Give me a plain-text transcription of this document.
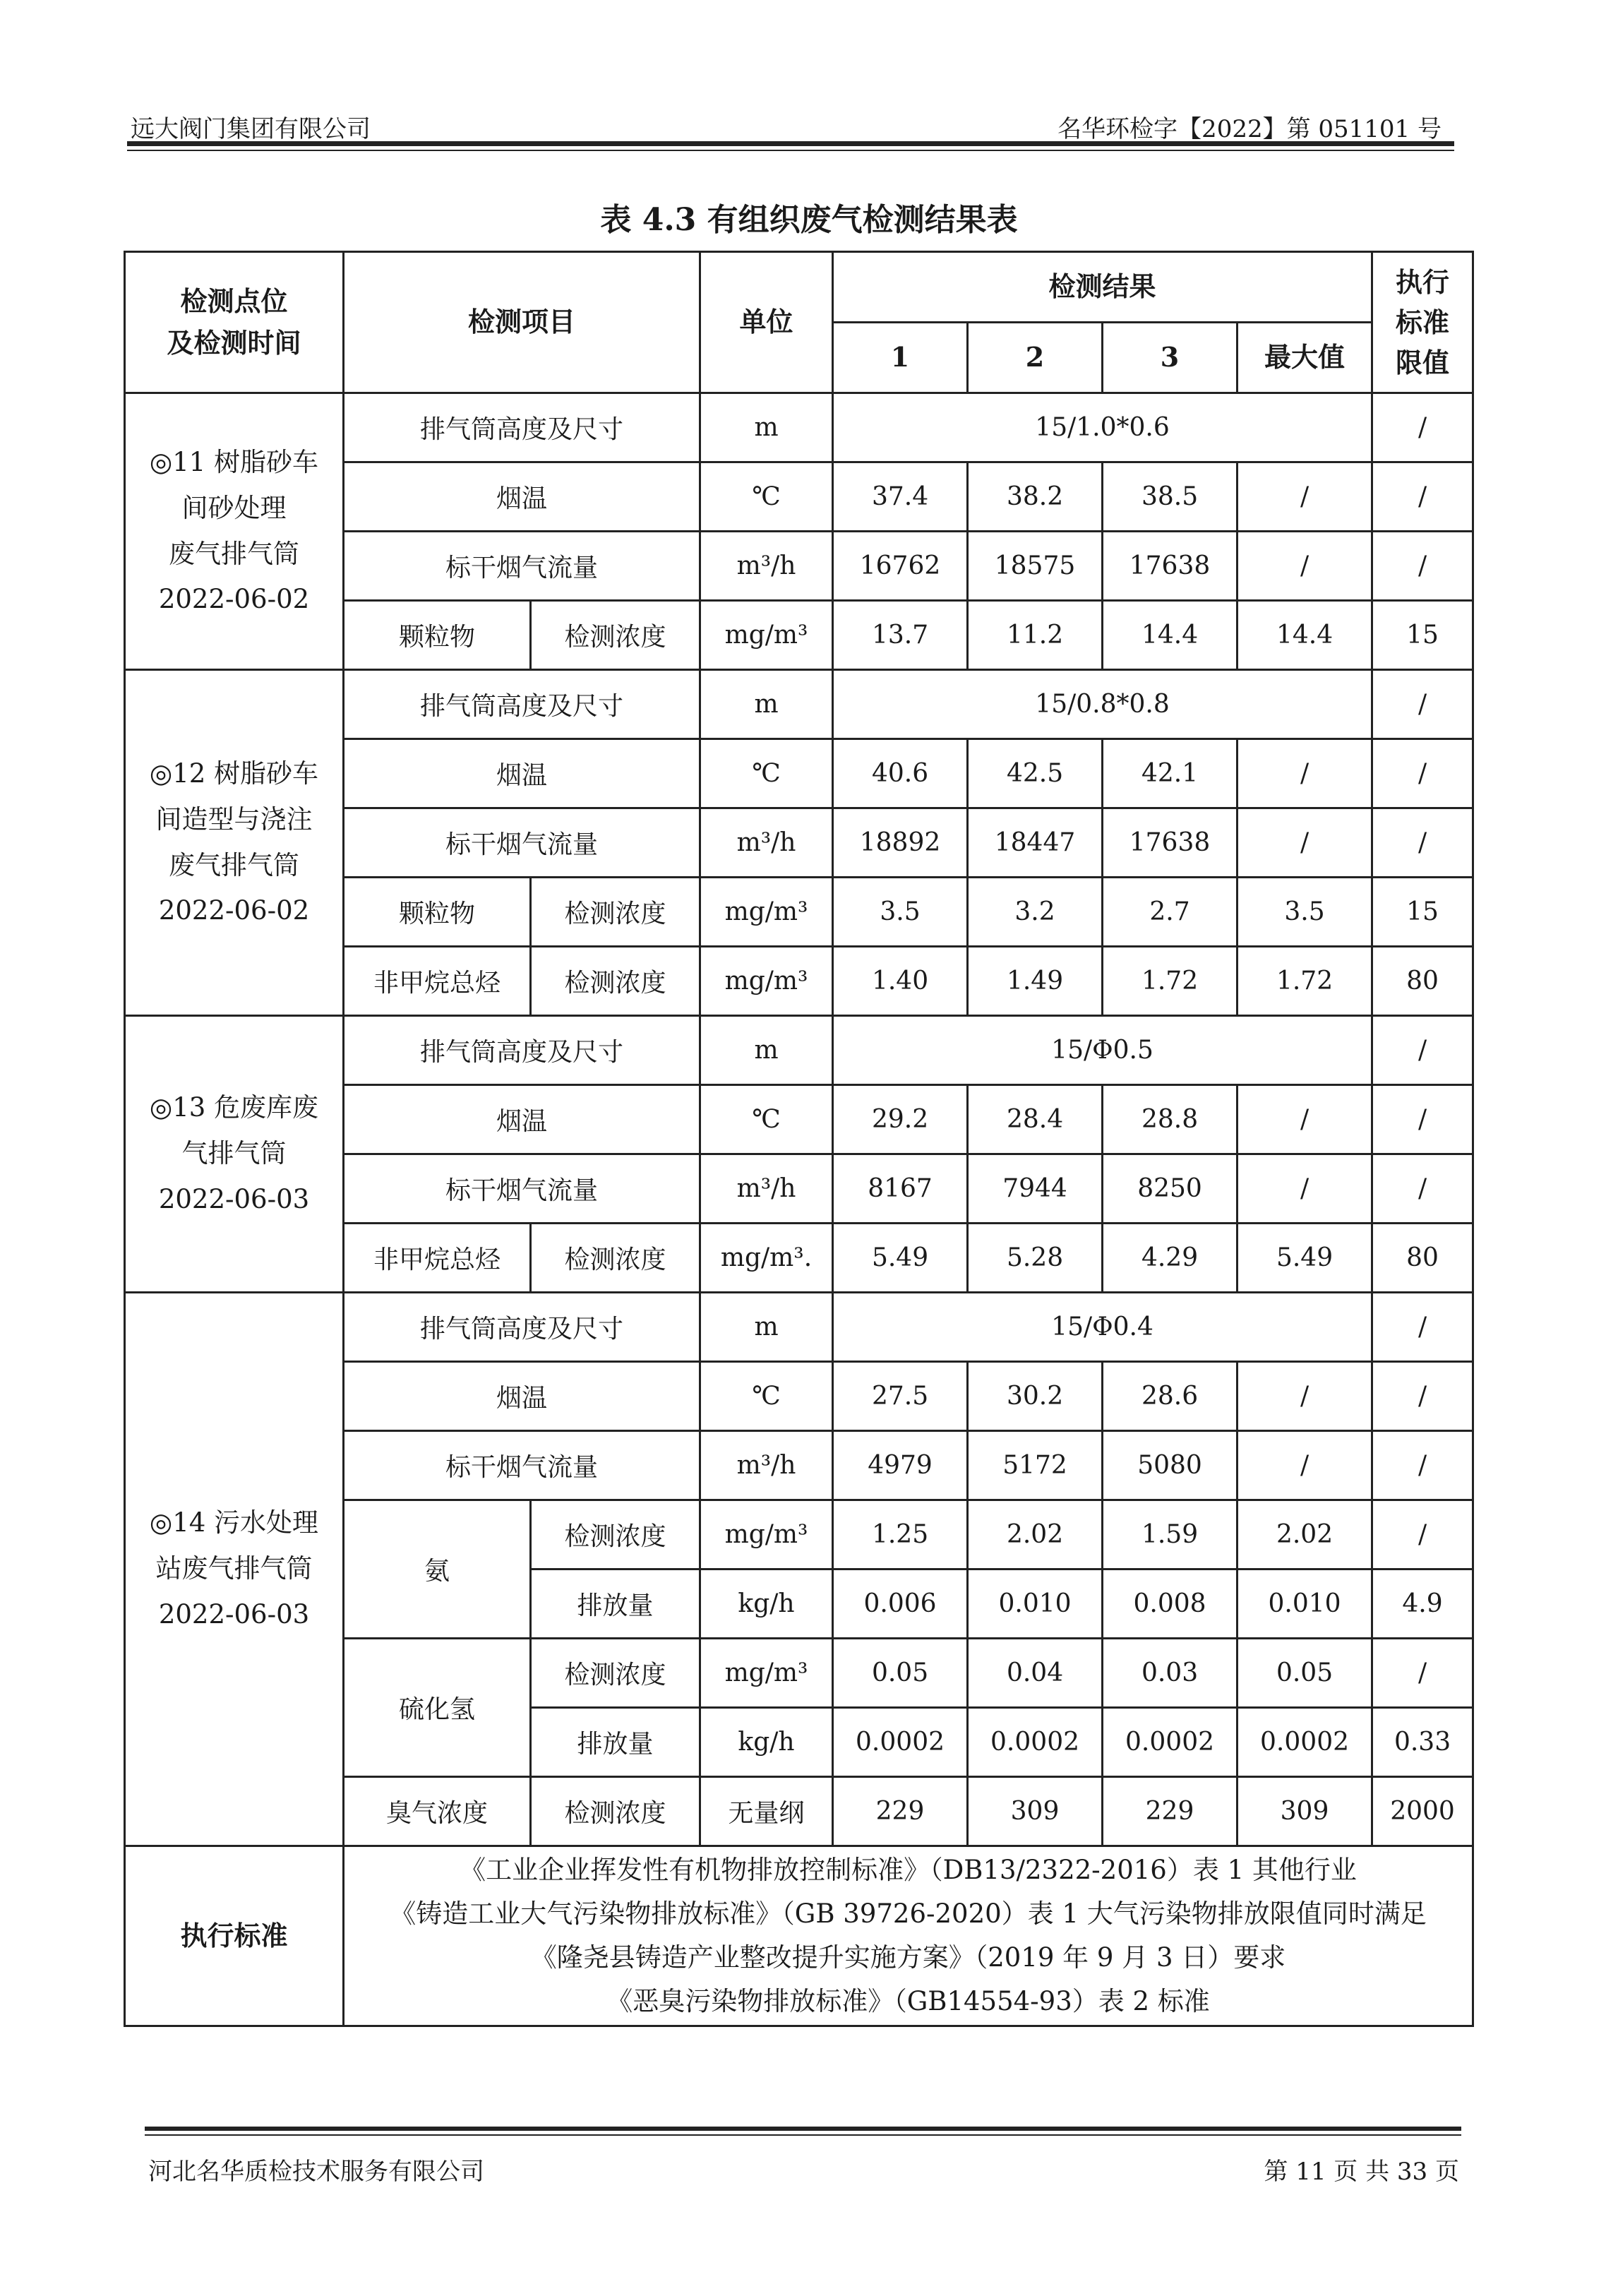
远大阀门集团有限公司	名华环检字【2022】第 051101 号
表 4.3 有组织废气检测结果表
检测点位
及检测时间	检测项目		单位	检测结果				执行
标准
限值

				1	2	3	最大值	

◎11 树脂砂车
间砂处理
废气排气筒
2022-06-02	排气筒高度及尺寸		m	15/1.0*0.6				/
	烟温		℃	37.4	38.2	38.5	/	/
	标干烟气流量		m³/h	16762	18575	17638	/	/
	颗粒物	检测浓度	mg/m³	13.7	11.2	14.4	14.4	15

◎12 树脂砂车
间造型与浇注
废气排气筒
2022-06-02	排气筒高度及尺寸		m	15/0.8*0.8				/
	烟温		℃	40.6	42.5	42.1	/	/
	标干烟气流量		m³/h	18892	18447	17638	/	/
	颗粒物	检测浓度	mg/m³	3.5	3.2	2.7	3.5	15
	非甲烷总烃	检测浓度	mg/m³	1.40	1.49	1.72	1.72	80

◎13 危废库废
气排气筒
2022-06-03	排气筒高度及尺寸		m	15/Φ0.5				/
	烟温		℃	29.2	28.4	28.8	/	/
	标干烟气流量		m³/h	8167	7944	8250	/	/
	非甲烷总烃	检测浓度	mg/m³.	5.49	5.28	4.29	5.49	80

◎14 污水处理
站废气排气筒
2022-06-03	排气筒高度及尺寸		m	15/Φ0.4				/
	烟温		℃	27.5	30.2	28.6	/	/
	标干烟气流量		m³/h	4979	5172	5080	/	/
	氨	检测浓度	mg/m³	1.25	2.02	1.59	2.02	/
		排放量	kg/h	0.006	0.010	0.008	0.010	4.9
	硫化氢	检测浓度	mg/m³	0.05	0.04	0.03	0.05	/
		排放量	kg/h	0.0002	0.0002	0.0002	0.0002	0.33
	臭气浓度	检测浓度	无量纲	229	309	229	309	2000
执行标准	《工业企业挥发性有机物排放控制标准》（DB13/2322-2016）表 1 其他行业
《铸造工业大气污染物排放标准》（GB 39726-2020）表 1 大气污染物排放限值同时满足
《隆尧县铸造产业整改提升实施方案》（2019 年 9 月 3 日）要求
《恶臭污染物排放标准》（GB14554-93）表 2 标准							
河北名华质检技术服务有限公司	第 11 页 共 33 页
